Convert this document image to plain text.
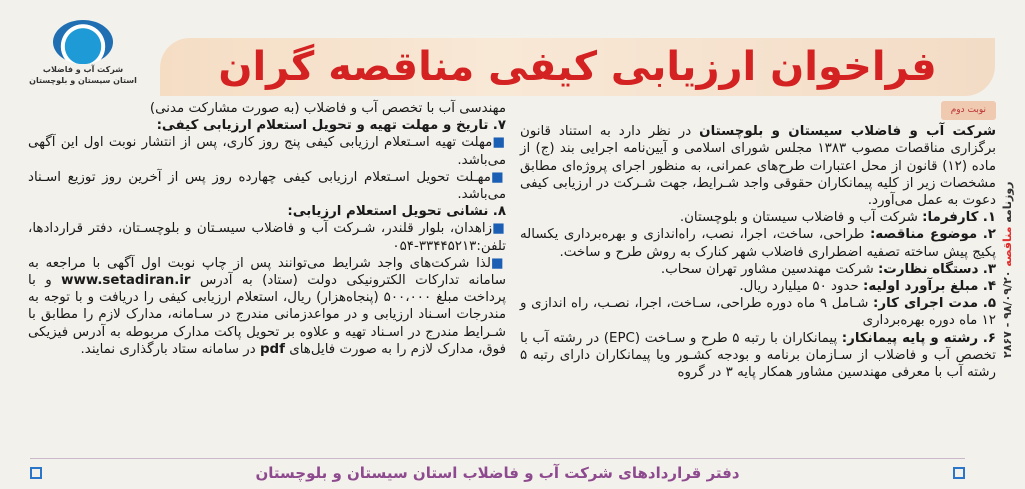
شرکت آب و فاضلاب
استان سیستان و بلوچستان	فراخوان ارزیابی کیفی مناقصه گران
روزنامه مناقصه ۹۸/۰۹/۲۰ - ۲۸۶۷
نوبت دوم

شرکت آب و فاضلاب سیستان و بلوچستان در نظر دارد به استناد قانون برگزاری مناقصات مصوب ۱۳۸۳ مجلس شورای اسلامی و آیین‌نامه اجرایی بند (ج) از ماده (۱۲) قانون از محل اعتبارات طرح‌های عمرانی، به منظور اجرای پروژه‌ای مطابق مشخصات زیر از کلیه پیمانکاران حقوقی واجد شـرایط، جهت شـرکت در ارزیابی کیفی دعوت به عمل می‌آورد.

۱. کارفرما: شرکت آب و فاضلاب سیستان و بلوچستان.

۲. موضوع مناقصه: طراحی، ساخت، اجرا، نصب، راه‌اندازی و بهره‌برداری یکساله پکیج پیش ساخته تصفیه اضطراری فاضلاب شهر کنارک به روش طرح و ساخت.

۳. دستگاه نظارت: شرکت مهندسین مشاور تهران سحاب.

۴. مبلغ برآورد اولیه: حدود ۵۰ میلیارد ریال.

۵. مدت اجرای کار: شـامل ۹ ماه دوره طراحی، سـاخت، اجرا، نصـب، راه اندازی و ۱۲ ماه دوره بهره‌برداری

۶. رشته و پایه پیمانکار: پیمانکاران با رتبه ۵ طرح و سـاخت (EPC) در رشته آب با تخصص آب و فاضلاب از سـازمان برنامه و بودجه کشـور ویا پیمانکاران دارای رتبه ۵ رشته آب با معرفی مهندسین مشاور همکار پایه ۳ در گروه

مهندسی آب با تخصص آب و فاضلاب (به صورت مشارکت مدنی)

۷. تاریخ و مهلت تهیه و تحویل استعلام ارزیابی کیفی:

■مهلت تهیه اسـتعلام ارزیابی کیفی پنج روز کاری، پس از انتشار نوبت اول این آگهی می‌باشد.

■مهـلت تحویل اسـتعلام ارزیابی کیفی چهارده روز پس از آخرین روز توزیع اسـناد می‌باشد.

۸. نشانی تحویل استعلام ارزیابی:

■زاهدان، بلوار قلندر، شـرکت آب و فاضلاب سیسـتان و بلوچسـتان، دفتر قراردادها، تلفن:۳۳۴۴۵۲۱۳-۰۵۴

■لذا شرکت‌های واجد شرایط می‌توانند پس از چاپ نوبت اول آگهی با مراجعه به سامانه تدارکات الکترونیکی دولت (ستاد) به آدرس www.setadiran.ir و با پرداخت مبلغ ۵۰۰،۰۰۰ (پنجاه‌هزار) ریال، استعلام ارزیابی کیفی را دریافت و با توجه به مندرجات اسـناد ارزیابی و در مواعدزمانی مندرج در سـامانه، مدارک لازم را مطابق با شـرایط مندرج در اسـناد تهیه و علاوه بر تحویل پاکت مدارک مربوطه به آدرس فیزیکی فوق، مدارک لازم را به صورت فایل‌های pdf در سامانه ستاد بارگذاری نمایند.

دفتر قراردادهای شرکت آب و فاضلاب استان سیستان و بلوچستان
